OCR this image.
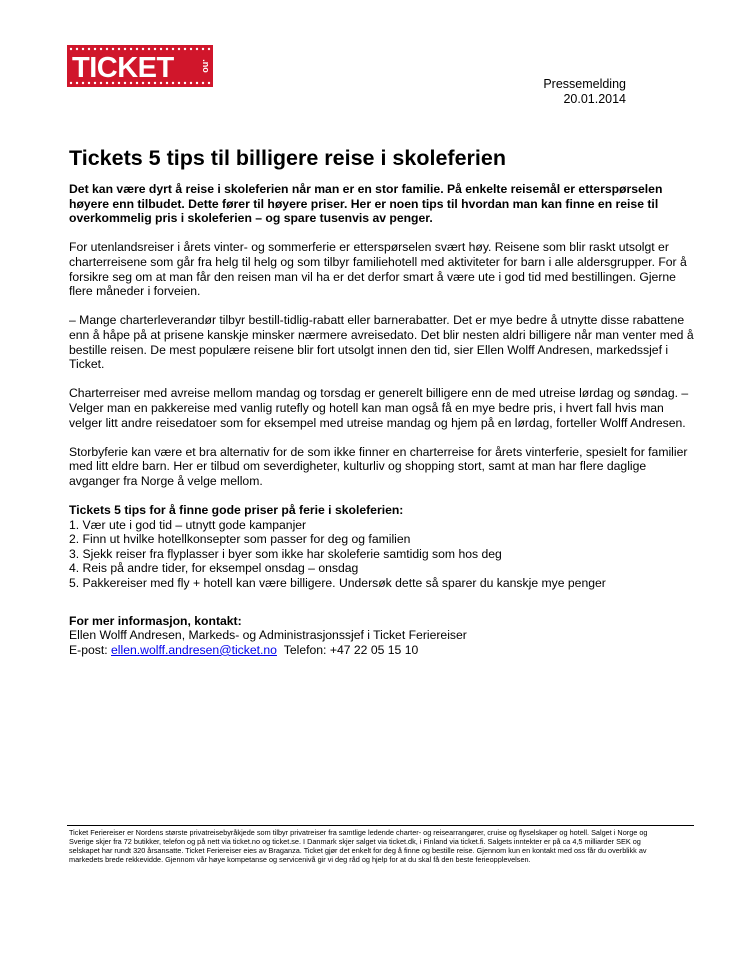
TICKET	.no
Pressemelding
20.01.2014
Tickets 5 tips til billigere reise i skoleferien

Det kan være dyrt å reise i skoleferien når man er en stor familie. På enkelte reisemål er etterspørselen høyere enn tilbudet. Dette fører til høyere priser. Her er noen tips til hvordan man kan finne en reise til overkommelig pris i skoleferien – og spare tusenvis av penger.

For utenlandsreiser i årets vinter- og sommerferie er etterspørselen svært høy. Reisene som blir raskt utsolgt er charterreisene som går fra helg til helg og som tilbyr familiehotell med aktiviteter for barn i alle aldersgrupper. For å forsikre seg om at man får den reisen man vil ha er det derfor smart å være ute i god tid med bestillingen. Gjerne flere måneder i forveien.

– Mange charterleverandør tilbyr bestill-tidlig-rabatt eller barnerabatter. Det er mye bedre å utnytte disse rabattene enn å håpe på at prisene kanskje minsker nærmere avreisedato. Det blir nesten aldri billigere når man venter med å bestille reisen. De mest populære reisene blir fort utsolgt innen den tid, sier Ellen Wolff Andresen, markedssjef i Ticket.

Charterreiser med avreise mellom mandag og torsdag er generelt billigere enn de med utreise lørdag og søndag. – Velger man en pakkereise med vanlig rutefly og hotell kan man også få en mye bedre pris, i hvert fall hvis man velger litt andre reisedatoer som for eksempel med utreise mandag og hjem på en lørdag, forteller Wolff Andresen.

Storbyferie kan være et bra alternativ for de som ikke finner en charterreise for årets vinterferie, spesielt for familier med litt eldre barn. Her er tilbud om severdigheter, kulturliv og shopping stort, samt at man har flere daglige avganger fra Norge å velge mellom.

Tickets 5 tips for å finne gode priser på ferie i skoleferien:
1. Vær ute i god tid – utnytt gode kampanjer
2. Finn ut hvilke hotellkonsepter som passer for deg og familien
3. Sjekk reiser fra flyplasser i byer som ikke har skoleferie samtidig som hos deg
4. Reis på andre tider, for eksempel onsdag – onsdag
5. Pakkereiser med fly + hotell kan være billigere. Undersøk dette så sparer du kanskje mye penger
For mer informasjon, kontakt:
Ellen Wolff Andresen, Markeds- og Administrasjonssjef i Ticket Feriereiser
E-post: ellen.wolff.andresen@ticket.no Telefon: +47 22 05 15 10
Ticket Feriereiser er Nordens største privatreisebyråkjede som tilbyr privatreiser fra samtlige ledende charter- og reisearrangører, cruise og flyselskaper og hotell. Salget i Norge og Sverige skjer fra 72 butikker, telefon og på nett via ticket.no og ticket.se. I Danmark skjer salget via ticket.dk, i Finland via ticket.fi. Salgets inntekter er på ca 4,5 milliarder SEK og selskapet har rundt 320 årsansatte. Ticket Feriereiser eies av Braganza. Ticket gjør det enkelt for deg å finne og bestille reise. Gjennom kun en kontakt med oss får du overblikk av markedets brede rekkevidde. Gjennom vår høye kompetanse og servicenivå gir vi deg råd og hjelp for at du skal få den beste ferieopplevelsen.
